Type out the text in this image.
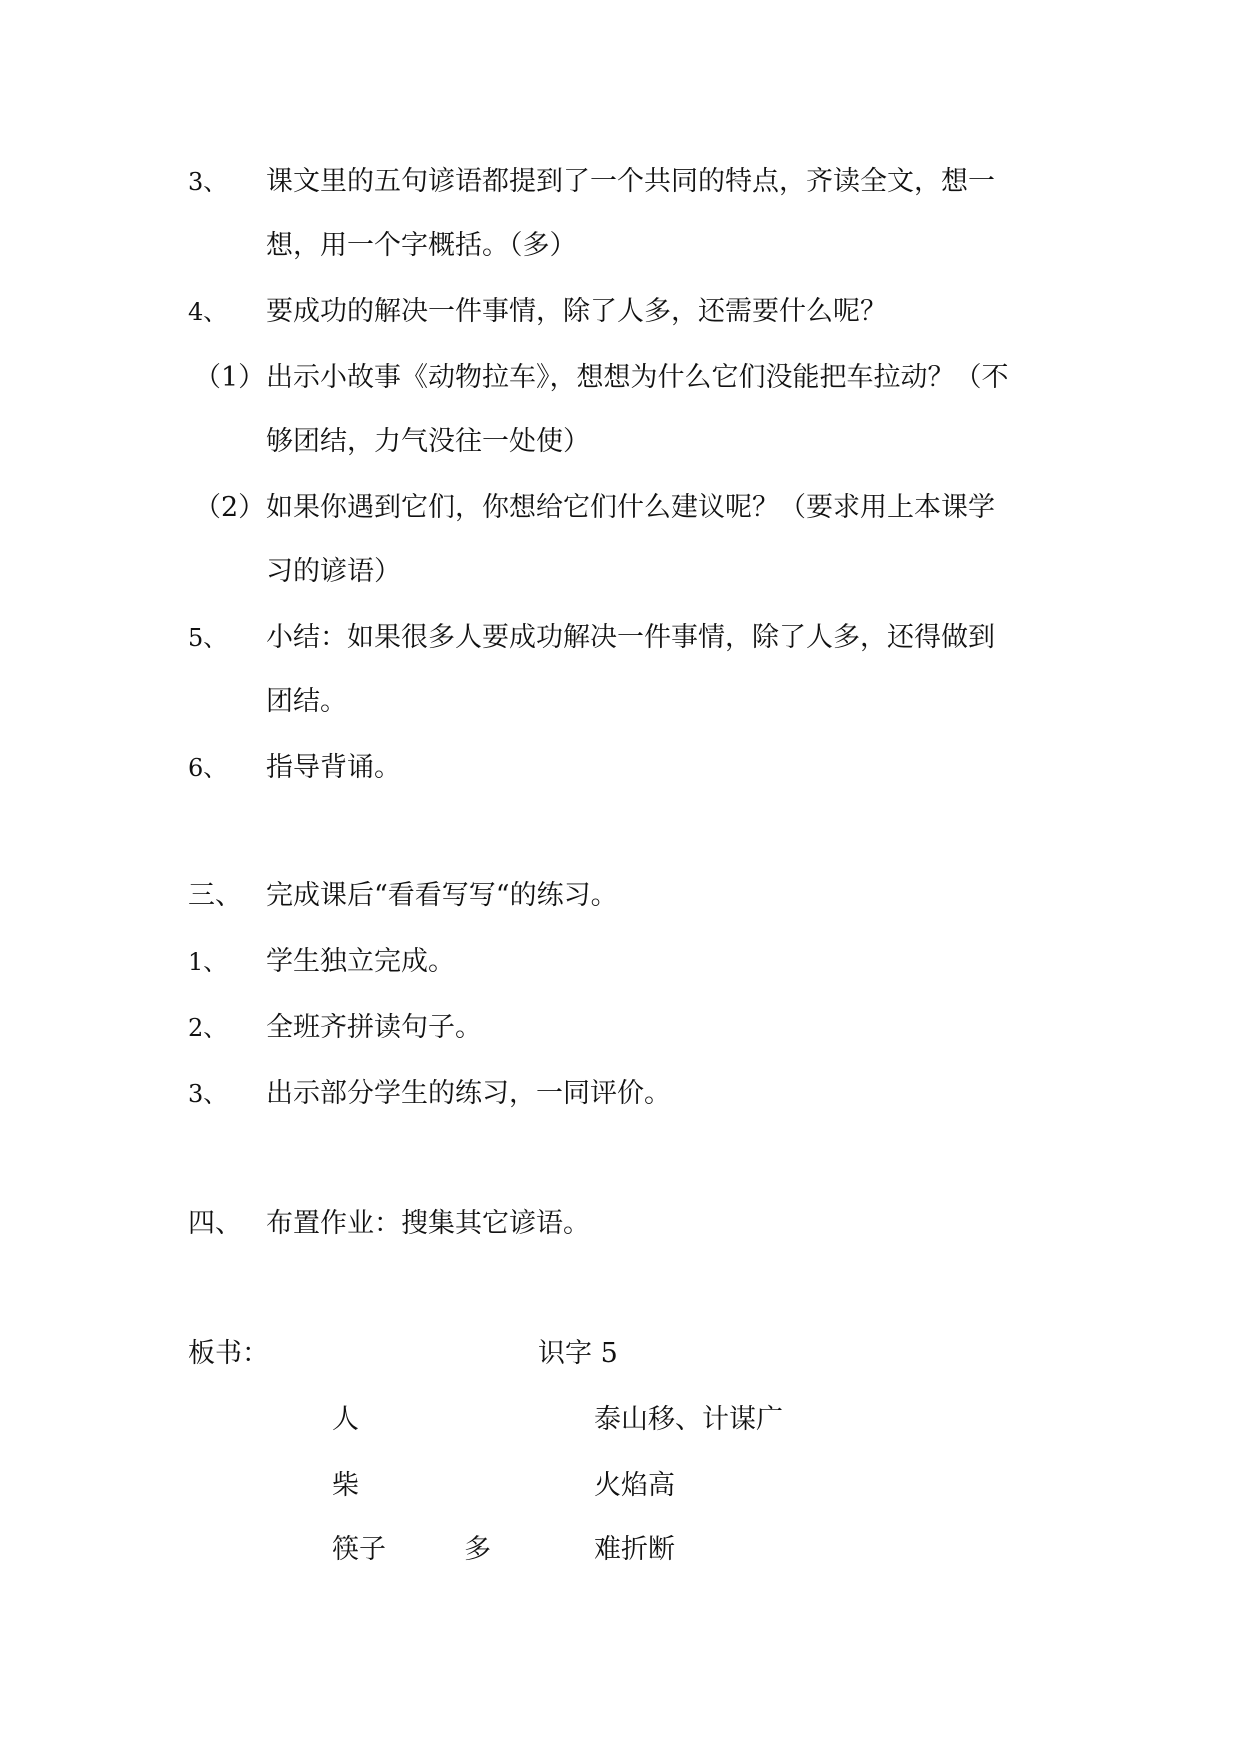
3、 课文里的五句谚语都提到了一个共同的特点，齐读全文，想一
想，用一个字概括。（多）
4、 要成功的解决一件事情，除了人多，还需要什么呢？
（1） 出示小故事《动物拉车》，想想为什么它们没能把车拉动？（不
够团结，力气没往一处使）
（2） 如果你遇到它们，你想给它们什么建议呢？（要求用上本课学
习的谚语）
5、 小结：如果很多人要成功解决一件事情，除了人多，还得做到
团结。
6、 指导背诵。
三、 完成课后“看看写写“的练习。
1、 学生独立完成。
2、 全班齐拼读句子。
3、 出示部分学生的练习，一同评价。
四、 布置作业：搜集其它谚语。
板书：	识字 5
人	泰山移、计谋广
柴	火焰高
筷子	多	难折断
